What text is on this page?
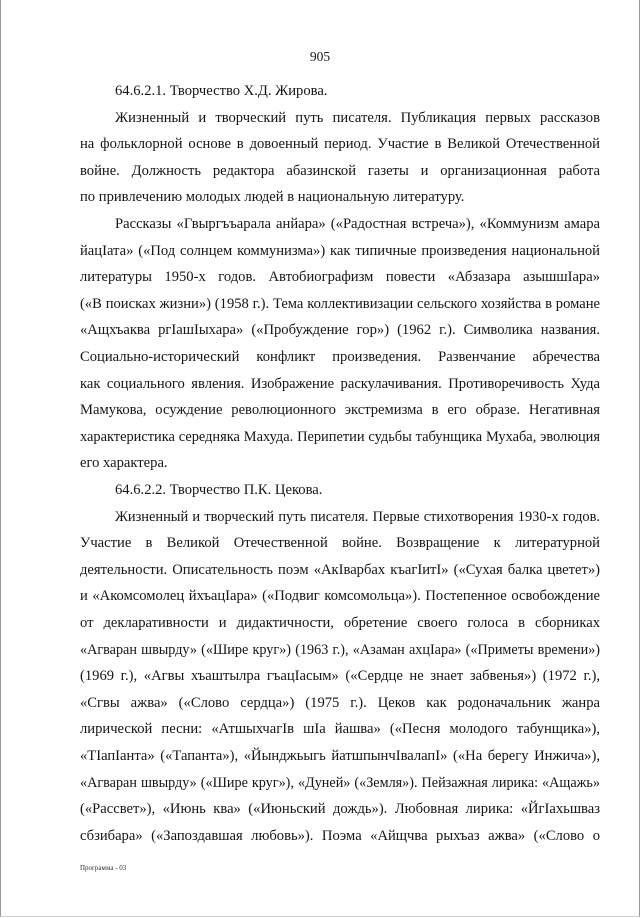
905
64.6.2.1. Творчество Х.Д. Жирова.
Жизненный и творческий путь писателя. Публикация первых рассказов
на фольклорной основе в довоенный период. Участие в Великой Отечественной
войне. Должность редактора абазинской газеты и организационная работа
по привлечению молодых людей в национальную литературу.
Рассказы «Гвыргъъарала анйара» («Радостная встреча»), «Коммунизм амара
йацIата» («Под солнцем коммунизма») как типичные произведения национальной
литературы 1950-х годов. Автобиографизм повести «Абзазара азышшIара»
(«В поисках жизни») (1958 г.). Тема коллективизации сельского хозяйства в романе
«Ащхъаква ргIашIыхара» («Пробуждение гор») (1962 г.). Символика названия.
Социально-исторический конфликт произведения. Развенчание абречества
как социального явления. Изображение раскулачивания. Противоречивость Худа
Мамукова, осуждение революционного экстремизма в его образе. Негативная
характеристика середняка Махуда. Перипетии судьбы табунщика Мухаба, эволюция
его характера.
64.6.2.2. Творчество П.К. Цекова.
Жизненный и творческий путь писателя. Первые стихотворения 1930-х годов.
Участие в Великой Отечественной войне. Возвращение к литературной
деятельности. Описательность поэм «АкIварбах къагIитI» («Сухая балка цветет»)
и «Акомсомолец йхъацIара» («Подвиг комсомольца»). Постепенное освобождение
от декларативности и дидактичности, обретение своего голоса в сборниках
«Агваран швырду» («Шире круг») (1963 г.), «Азаман ахцIара» («Приметы времени»)
(1969 г.), «Агвы хъаштылра гъацIасым» («Сердце не знает забвенья») (1972 г.),
«Сгвы ажва» («Слово сердца») (1975 г.). Цеков как родоначальник жанра
лирической песни: «АтшыхчагIв шIа йашва» («Песня молодого табунщика»),
«ТIапIанта» («Тапанта»), «Йынджьыгь йатшпынчIвалапI» («На берегу Инжича»),
«Агваран швырду» («Шире круг»), «Дуней» («Земля»). Пейзажная лирика: «Ащажь»
(«Рассвет»), «Июнь ква» («Июньский дождь»). Любовная лирика: «ЙгIахьшваз
сбзибара» («Запоздавшая любовь»). Поэма «Айщчва рыхъаз ажва» («Слово о
Программа - 03
